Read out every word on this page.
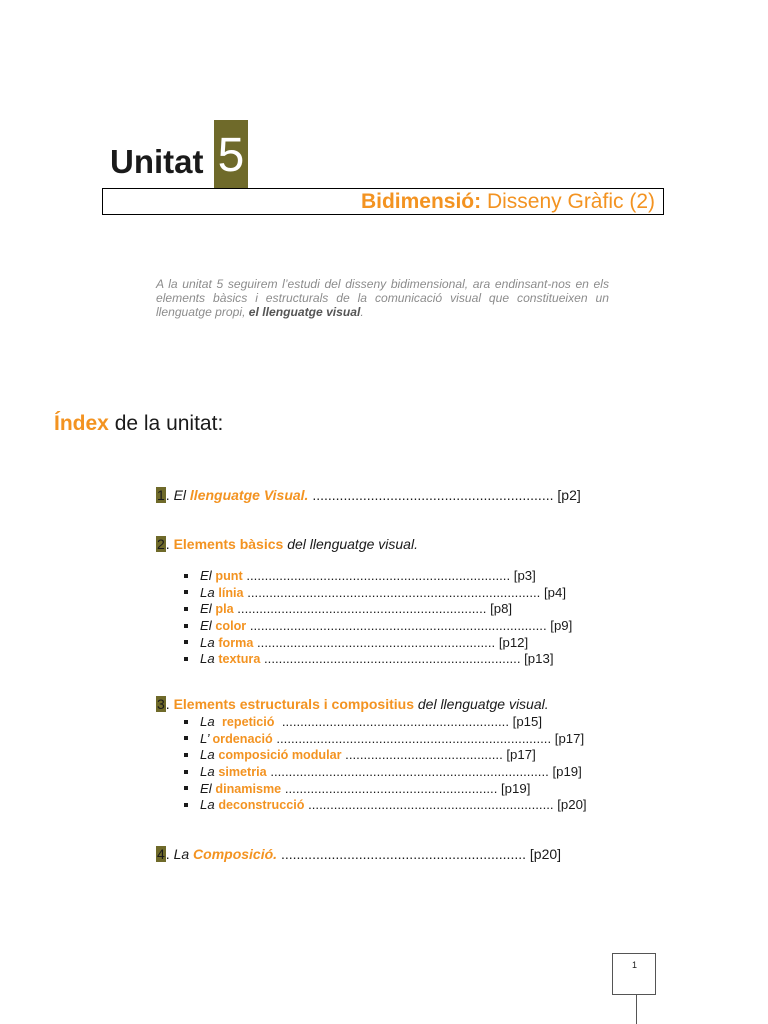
Unitat 5
Bidimensió: Disseny Gràfic (2)
A la unitat 5 seguirem l’estudi del disseny bidimensional, ara endinsant-nos en els elements bàsics i estructurals de la comunicació visual que constitueixen un llenguatge propi, el llenguatge visual.
Índex de la unitat:
1. El llenguatge Visual. .............................................................. [p2]
2. Elements bàsics del llenguatge visual.
El punt ........................................................................ [p3]
La línia ................................................................................ [p4]
El pla .................................................................... [p8]
El color ................................................................................. [p9]
La forma ................................................................. [p12]
La textura ...................................................................... [p13]
3. Elements estructurals i compositius del llenguatge visual.
La  repetició  .............................................................. [p15]
L’ ordenació ........................................................................... [p17]
La composició modular ........................................... [p17]
La simetria ............................................................................ [p19]
El dinamisme .......................................................... [p19]
La deconstrucció ................................................................... [p20]
4. La Composició. ............................................................... [p20]
1
